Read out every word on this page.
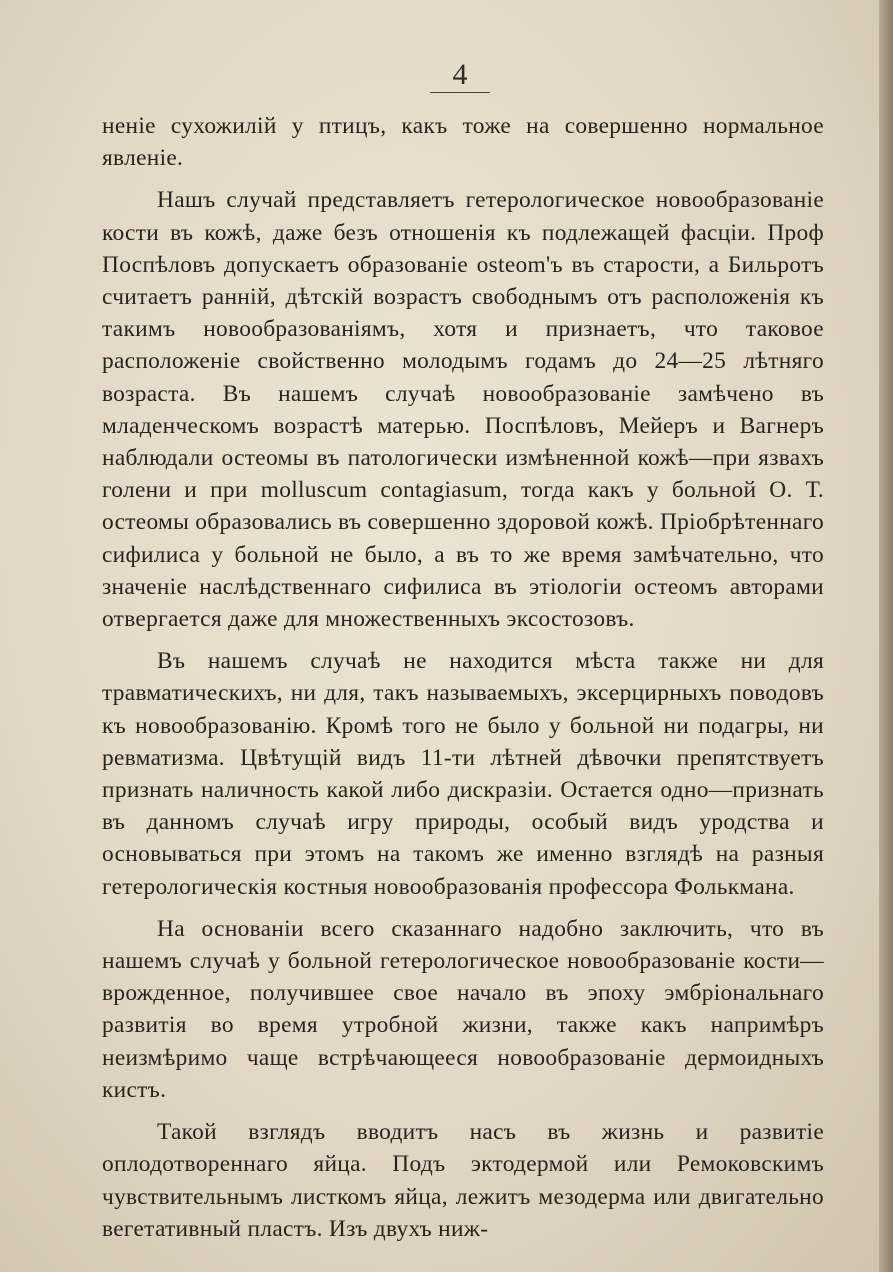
4

неніе сухожилій у птицъ, какъ тоже на совершенно нормальное явленіе.

Нашъ случай представляетъ гетерологическое новообразованіе кости въ кожѣ, даже безъ отношенія къ подлежащей фасціи. Проф Поспѣловъ допускаетъ образованіе osteom'ъ въ старости, а Бильротъ считаетъ ранній, дѣтскій возрастъ свободнымъ отъ расположенія къ такимъ новообразованіямъ, хотя и признаетъ, что таковое расположеніе свойственно молодымъ годамъ до 24—25 лѣтняго возраста. Въ нашемъ случаѣ новообразованіе замѣчено въ младенческомъ возрастѣ матерью. Поспѣловъ, Мейеръ и Вагнеръ наблюдали остеомы въ патологически измѣненной кожѣ—при язвахъ голени и при molluscum contagiasum, тогда какъ у больной О. Т. остеомы образовались въ совершенно здоровой кожѣ. Пріобрѣтеннаго сифилиса у больной не было, а въ то же время замѣчательно, что значеніе наслѣдственнаго сифилиса въ этіологіи остеомъ авторами отвергается даже для множественныхъ эксостозовъ.

Въ нашемъ случаѣ не находится мѣста также ни для травматическихъ, ни для, такъ называемыхъ, эксерцирныхъ поводовъ къ новообразованію. Кромѣ того не было у больной ни подагры, ни ревматизма. Цвѣтущій видъ 11-ти лѣтней дѣвочки препятствуетъ признать наличность какой либо дискразіи. Остается одно—признать въ данномъ случаѣ игру природы, особый видъ уродства и основываться при этомъ на такомъ же именно взглядѣ на разныя гетерологическія костныя новообразованія профессора Фолькмана.

На основаніи всего сказаннаго надобно заключить, что въ нашемъ случаѣ у больной гетерологическое новообразованіе кости—врожденное, получившее свое начало въ эпоху эмбріональнаго развитія во время утробной жизни, также какъ напримѣръ неизмѣримо чаще встрѣчающееся новообразованіе дермоидныхъ кистъ.

Такой взглядъ вводитъ насъ въ жизнь и развитіе оплодотвореннаго яйца. Подъ эктодермой или Ремоковскимъ чувствительнымъ листкомъ яйца, лежитъ мезодерма или двигательно вегетативный пластъ. Изъ двухъ ниж-
